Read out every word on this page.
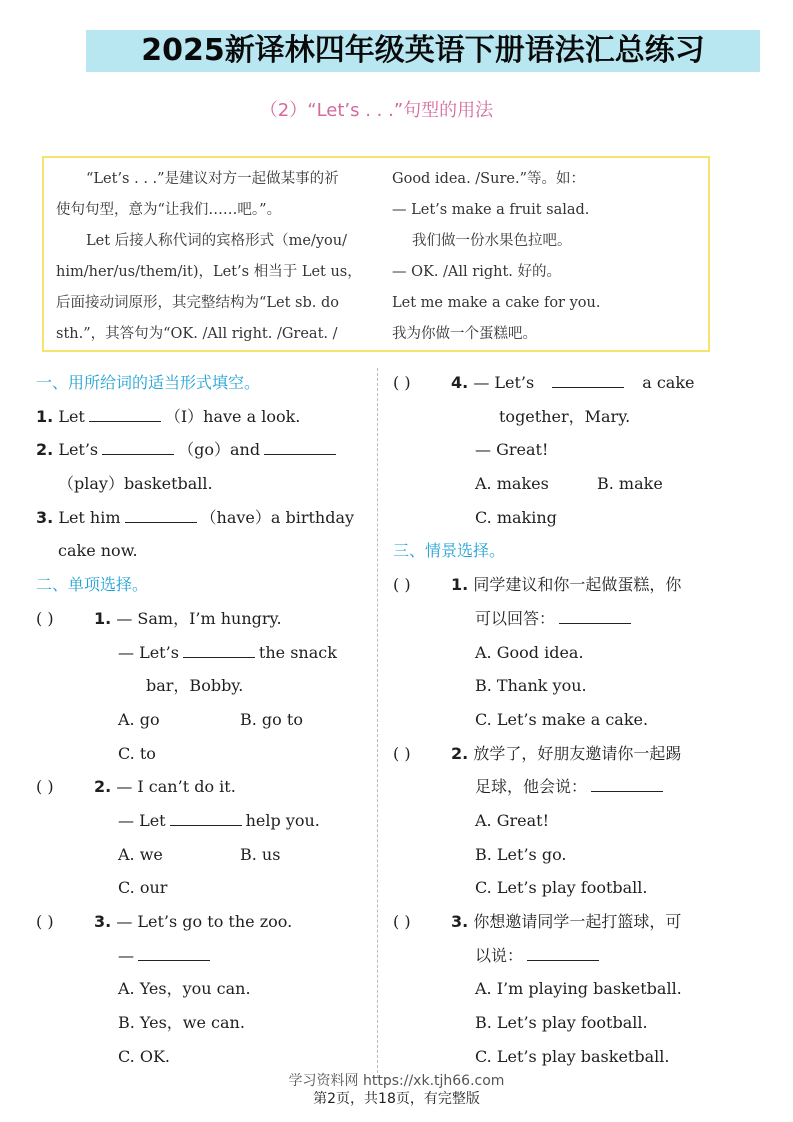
2025新译林四年级英语下册语法汇总练习
（2）“Let’s . . .”句型的用法
“Let’s . . .”是建议对方一起做某事的祈
使句句型，意为“让我们……吧。”。
Let 后接人称代词的宾格形式（me/you/
him/her/us/them/it)，Let’s 相当于 Let us，
后面接动词原形，其完整结构为“Let sb. do
sth.”，其答句为“OK. /All right. /Great. /
Good idea. /Sure.”等。如：
— Let’s make a fruit salad.
我们做一份水果色拉吧。
— OK. /All right. 好的。
Let me make a cake for you.
我为你做一个蛋糕吧。
一、用所给词的适当形式填空。
1. Let	（I）have a look.
2. Let’s	（go）and
（play）basketball.
3. Let him	（have）a birthday
cake now.
二、单项选择。
( )	1. — Sam，I’m hungry.
— Let’s	the snack
bar，Bobby.
A. go	B. go to
C. to
( )	2. — I can’t do it.
— Let	help you.
A. we	B. us
C. our
( )	3. — Let’s go to the zoo.
—
A. Yes，you can.
B. Yes，we can.
C. OK.
( )	4. — Let’s	a cake
together，Mary.
— Great!
A. makes	B. make
C. making
三、情景选择。
( )	1. 同学建议和你一起做蛋糕，你
可以回答：
A. Good idea.
B. Thank you.
C. Let’s make a cake.
( )	2. 放学了，好朋友邀请你一起踢
足球，他会说：
A. Great!
B. Let’s go.
C. Let’s play football.
( )	3. 你想邀请同学一起打篮球，可
以说：
A. I’m playing basketball.
B. Let’s play football.
C. Let’s play basketball.
学习资料网 https://xk.tjh66.com
第2页，共18页，有完整版
